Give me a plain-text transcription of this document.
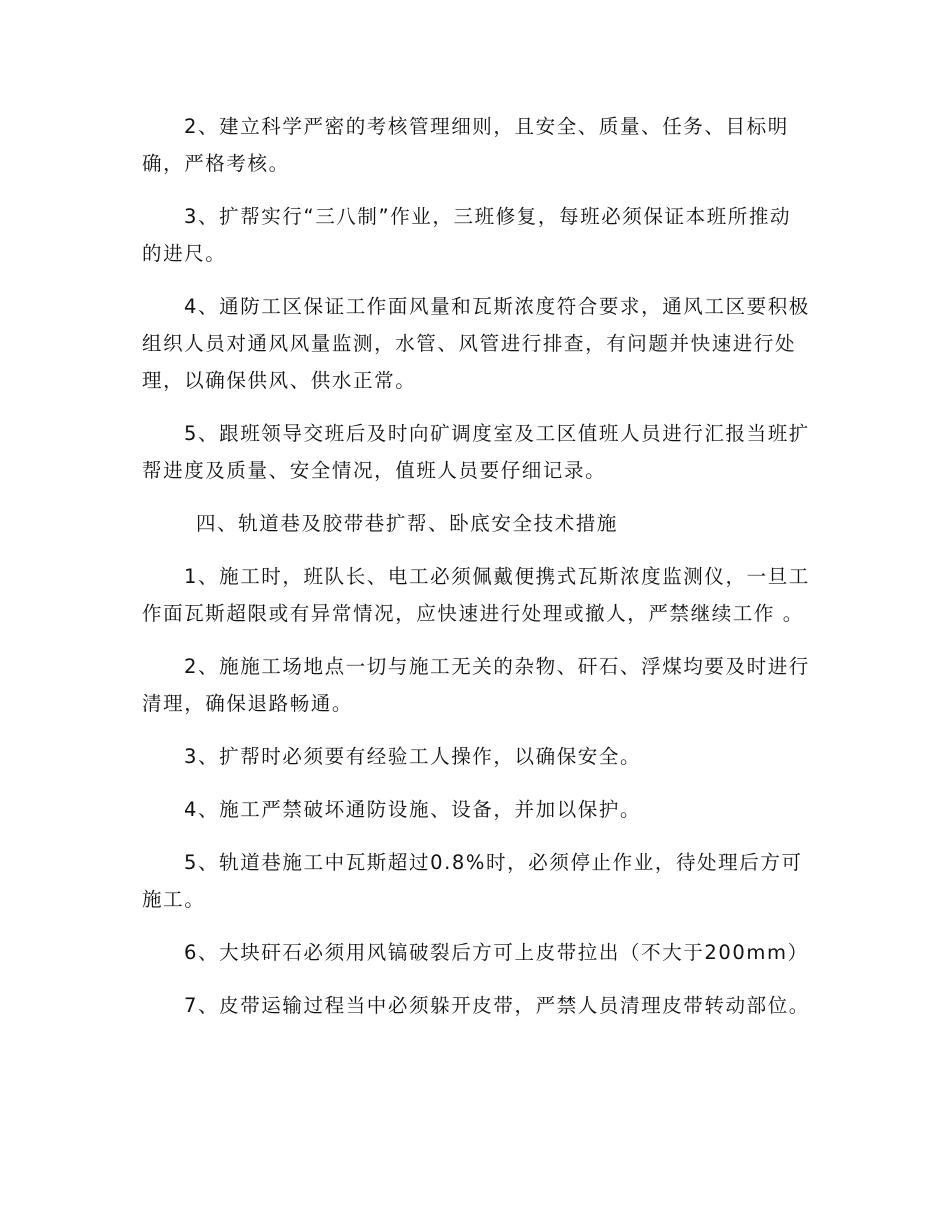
2、建立科学严密的考核管理细则，且安全、质量、任务、目标明确，严格考核。

3、扩帮实行“三八制”作业，三班修复，每班必须保证本班所推动的进尺。

4、通防工区保证工作面风量和瓦斯浓度符合要求，通风工区要积极组织人员对通风风量监测，水管、风管进行排查，有问题并快速进行处理，以确保供风、供水正常。

5、跟班领导交班后及时向矿调度室及工区值班人员进行汇报当班扩帮进度及质量、安全情况，值班人员要仔细记录。

四、轨道巷及胶带巷扩帮、卧底安全技术措施

1、施工时，班队长、电工必须佩戴便携式瓦斯浓度监测仪，一旦工作面瓦斯超限或有异常情况，应快速进行处理或撤人，严禁继续工作 。

2、施施工场地点一切与施工无关的杂物、矸石、浮煤均要及时进行清理，确保退路畅通。

3、扩帮时必须要有经验工人操作，以确保安全。

4、施工严禁破坏通防设施、设备，并加以保护。

5、轨道巷施工中瓦斯超过0.8%时，必须停止作业，待处理后方可施工。

6、大块矸石必须用风镐破裂后方可上皮带拉出（不大于200mm）

7、皮带运输过程当中必须躲开皮带，严禁人员清理皮带转动部位。
